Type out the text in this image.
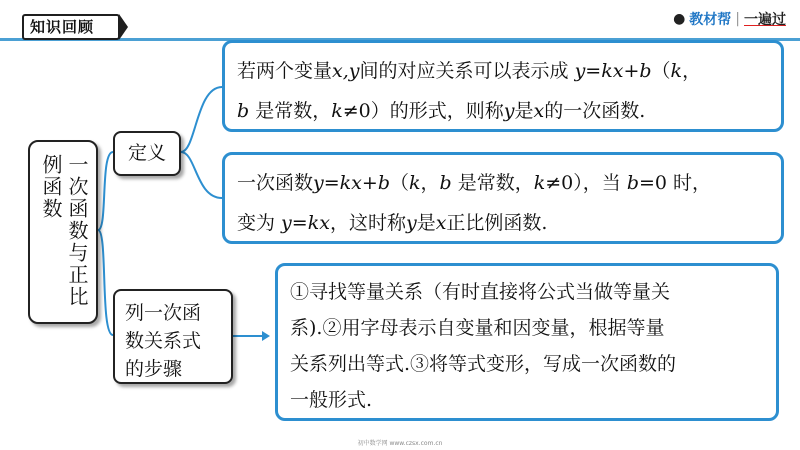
知识回顾	● 教材帮 | 一遍过
一次函数与正比
例函数
定义
列一次函
数关系式
的步骤
若两个变量x,y间的对应关系可以表示成 y=kx+b（k，
b 是常数，k≠0）的形式，则称y是x的一次函数.
一次函数y=kx+b（k，b 是常数，k≠0），当 b=0 时，
变为 y=kx，这时称y是x正比例函数.
①寻找等量关系（有时直接将公式当做等量关
系).②用字母表示自变量和因变量，根据等量
关系列出等式.③将等式变形，写成一次函数的
一般形式.
初中数学网 www.czsx.com.cn
